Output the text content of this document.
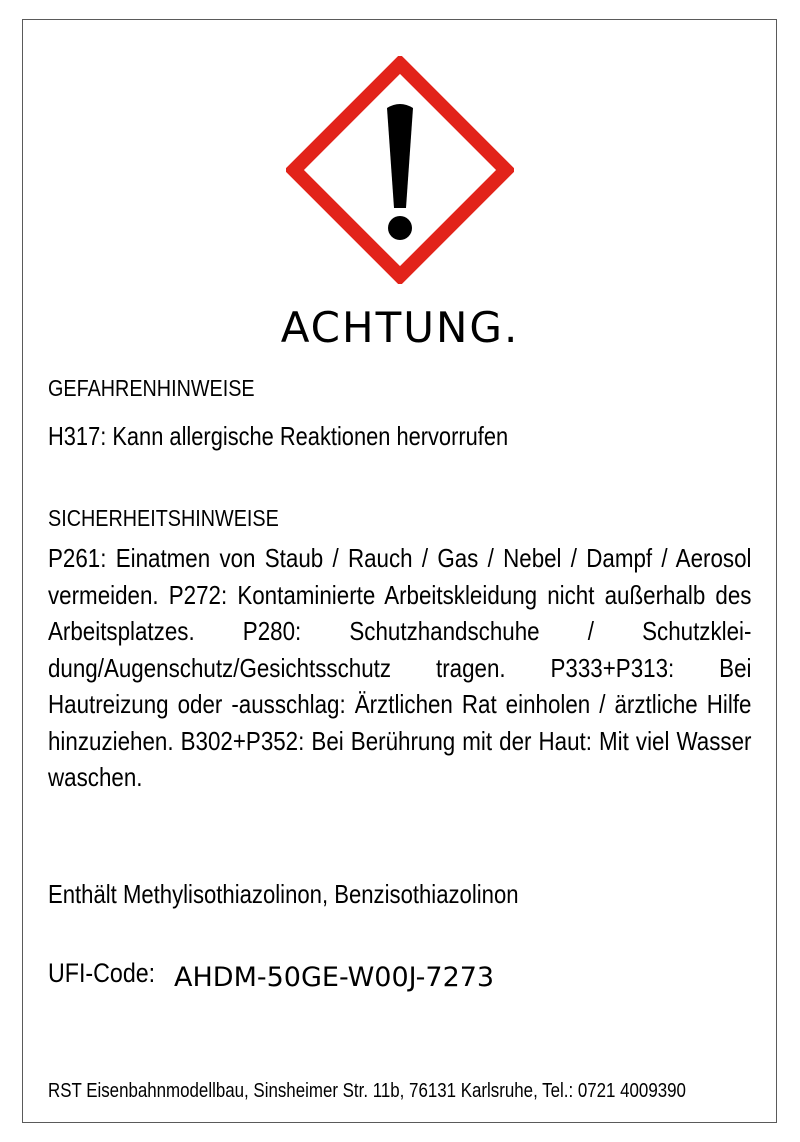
ACHTUNG.
GEFAHRENHINWEISE
H317: Kann allergische Reaktionen hervorrufen
SICHERHEITSHINWEISE
P261: Einatmen von Staub / Rauch / Gas / Nebel / Dampf / Aerosol vermeiden. P272: Kontaminierte Arbeitskleidung nicht außerhalb des Arbeitsplatzes. P280: Schutzhandschuhe / Schutzklei-dung/Augenschutz/Gesichtsschutz tragen. P333+P313: Bei Hautreizung oder -ausschlag: Ärztlichen Rat einholen / ärztliche Hilfe hinzuziehen. B302+P352: Bei Berührung mit der Haut: Mit viel Wasser waschen.
Enthält Methylisothiazolinon, Benzisothiazolinon
UFI-Code: AHDM-50GE-W00J-7273
RST Eisenbahnmodellbau, Sinsheimer Str. 11b, 76131 Karlsruhe, Tel.: 0721 4009390
